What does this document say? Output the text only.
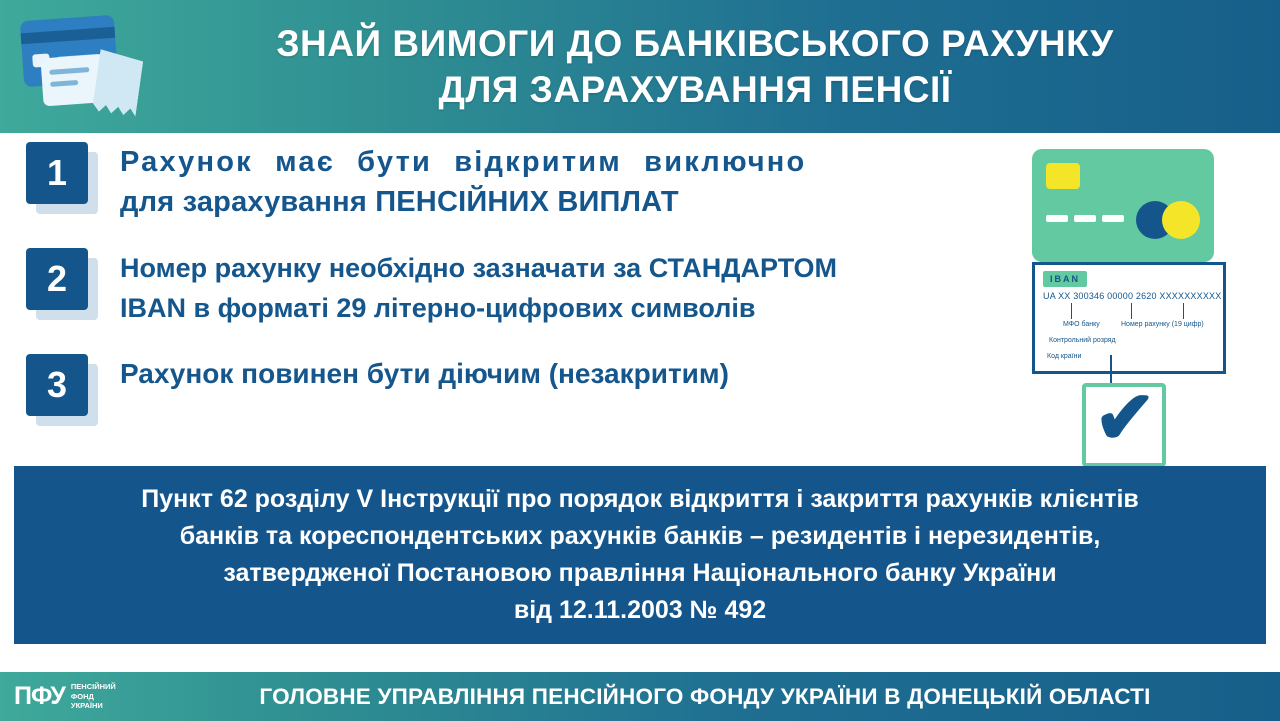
ЗНАЙ ВИМОГИ ДО БАНКІВСЬКОГО РАХУНКУ
ДЛЯ ЗАРАХУВАННЯ ПЕНСІЇ
1	Рахунок має бути відкритим виключно
для зарахування ПЕНСІЙНИХ ВИПЛАТ
2	Номер рахунку необхідно зазначати за СТАНДАРТОМ
IBAN в форматі 29 літерно-цифрових символів
3	Рахунок повинен бути діючим (незакритим)
IBAN
UA XX 300346 00000 2620 XXXXXXXXXX
МФО банку	Номер рахунку (19 цифр)
Контрольний розряд
Код країни
✔
Пункт 62 розділу V Інструкції про порядок відкриття і закриття рахунків клієнтів
банків та кореспондентських рахунків банків – резидентів і нерезидентів,
затвердженої Постановою правління Національного банку України
від 12.11.2003 № 492
ПФУ ПЕНСІЙНИЙ
ФОНД
УКРАЇНИ	ГОЛОВНЕ УПРАВЛІННЯ ПЕНСІЙНОГО ФОНДУ УКРАЇНИ В ДОНЕЦЬКІЙ ОБЛАСТІ
